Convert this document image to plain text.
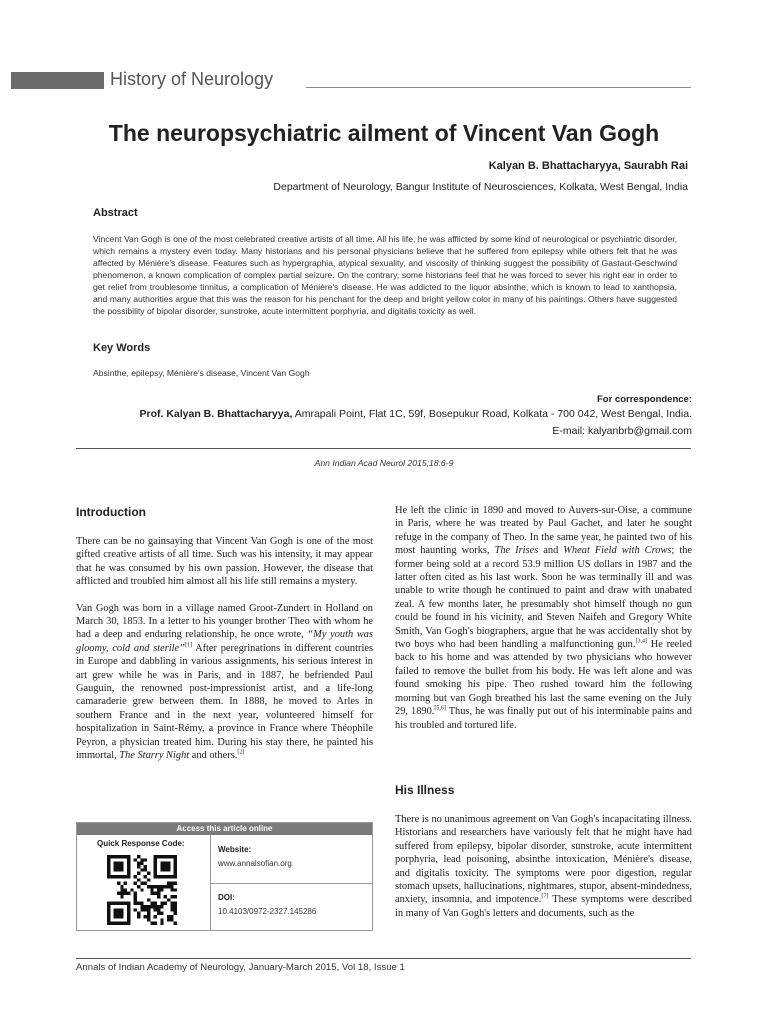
History of Neurology
The neuropsychiatric ailment of Vincent Van Gogh
Kalyan B. Bhattacharyya, Saurabh Rai
Department of Neurology, Bangur Institute of Neurosciences, Kolkata, West Bengal, India
Abstract
Vincent Van Gogh is one of the most celebrated creative artists of all time. All his life, he was afflicted by some kind of neurological or psychiatric disorder, which remains a mystery even today. Many historians and his personal physicians believe that he suffered from epilepsy while others felt that he was affected by Ménière's disease. Features such as hypergraphia, atypical sexuality, and viscosity of thinking suggest the possibility of Gastaut-Geschwind phenomenon, a known complication of complex partial seizure. On the contrary, some historians feel that he was forced to sever his right ear in order to get relief from troublesome tinnitus, a complication of Ménière's disease. He was addicted to the liquor absinthe, which is known to lead to xanthopsia, and many authorities argue that this was the reason for his penchant for the deep and bright yellow color in many of his paintings. Others have suggested the possibility of bipolar disorder, sunstroke, acute intermittent porphyria, and digitalis toxicity as well.
Key Words
Absinthe, epilepsy, Ménière's disease, Vincent Van Gogh
For correspondence:
Prof. Kalyan B. Bhattacharyya, Amrapali Point, Flat 1C, 59f, Bosepukur Road, Kolkata - 700 042, West Bengal, India.
E-mail: kalyanbrb@gmail.com
Ann Indian Acad Neurol 2015;18:6-9
Introduction

There can be no gainsaying that Vincent Van Gogh is one of the most gifted creative artists of all time. Such was his intensity, it may appear that he was consumed by his own passion. However, the disease that afflicted and troubled him almost all his life still remains a mystery.

Van Gogh was born in a village named Groot-Zundert in Holland on March 30, 1853. In a letter to his younger brother Theo with whom he had a deep and enduring relationship, he once wrote, “My youth was gloomy, cold and sterile”[1] After peregrinations in different countries in Europe and dabbling in various assignments, his serious interest in art grew while he was in Paris, and in 1887, he befriended Paul Gauguin, the renowned post-impressionist artist, and a life-long camaraderie grew between them. In 1888, he moved to Arles in southern France and in the next year, volunteered himself for hospitalization in Saint-Rémy, a province in France where Théophile Peyron, a physician treated him. During his stay there, he painted his immortal, The Starry Night and others.[2]

He left the clinic in 1890 and moved to Auvers-sur-Oise, a commune in Paris, where he was treated by Paul Gachet, and later he sought refuge in the company of Theo. In the same year, he painted two of his most haunting works, The Irises and Wheat Field with Crows; the former being sold at a record 53.9 million US dollars in 1987 and the latter often cited as his last work. Soon he was terminally ill and was unable to write though he continued to paint and draw with unabated zeal. A few months later, he presumably shot himself though no gun could be found in his vicinity, and Steven Naifeh and Gregory White Smith, Van Gogh's biographers, argue that he was accidentally shot by two boys who had been handling a malfunctioning gun.[3,4] He reeled back to his home and was attended by two physicians who however failed to remove the bullet from his body. He was left alone and was found smoking his pipe. Theo rushed toward him the following morning but van Gogh breathed his last the same evening on the July 29, 1890.[5,6] Thus, he was finally put out of his interminable pains and his troubled and tortured life.

His Illness

There is no unanimous agreement on Van Gogh's incapacitating illness. Historians and researchers have variously felt that he might have had suffered from epilepsy, bipolar disorder, sunstroke, acute intermittent porphyria, lead poisoning, absinthe intoxication, Ménière's disease, and digitalis toxicity. The symptoms were poor digestion, regular stomach upsets, hallucinations, nightmares, stupor, absent-mindedness, anxiety, insomnia, and impotence.[7] These symptoms were described in many of Van Gogh's letters and documents, such as the

Access this article online
Quick Response Code:
Website:
www.annalsofian.org
DOI:
10.4103/0972-2327.145286
Annals of Indian Academy of Neurology, January-March 2015, Vol 18, Issue 1
